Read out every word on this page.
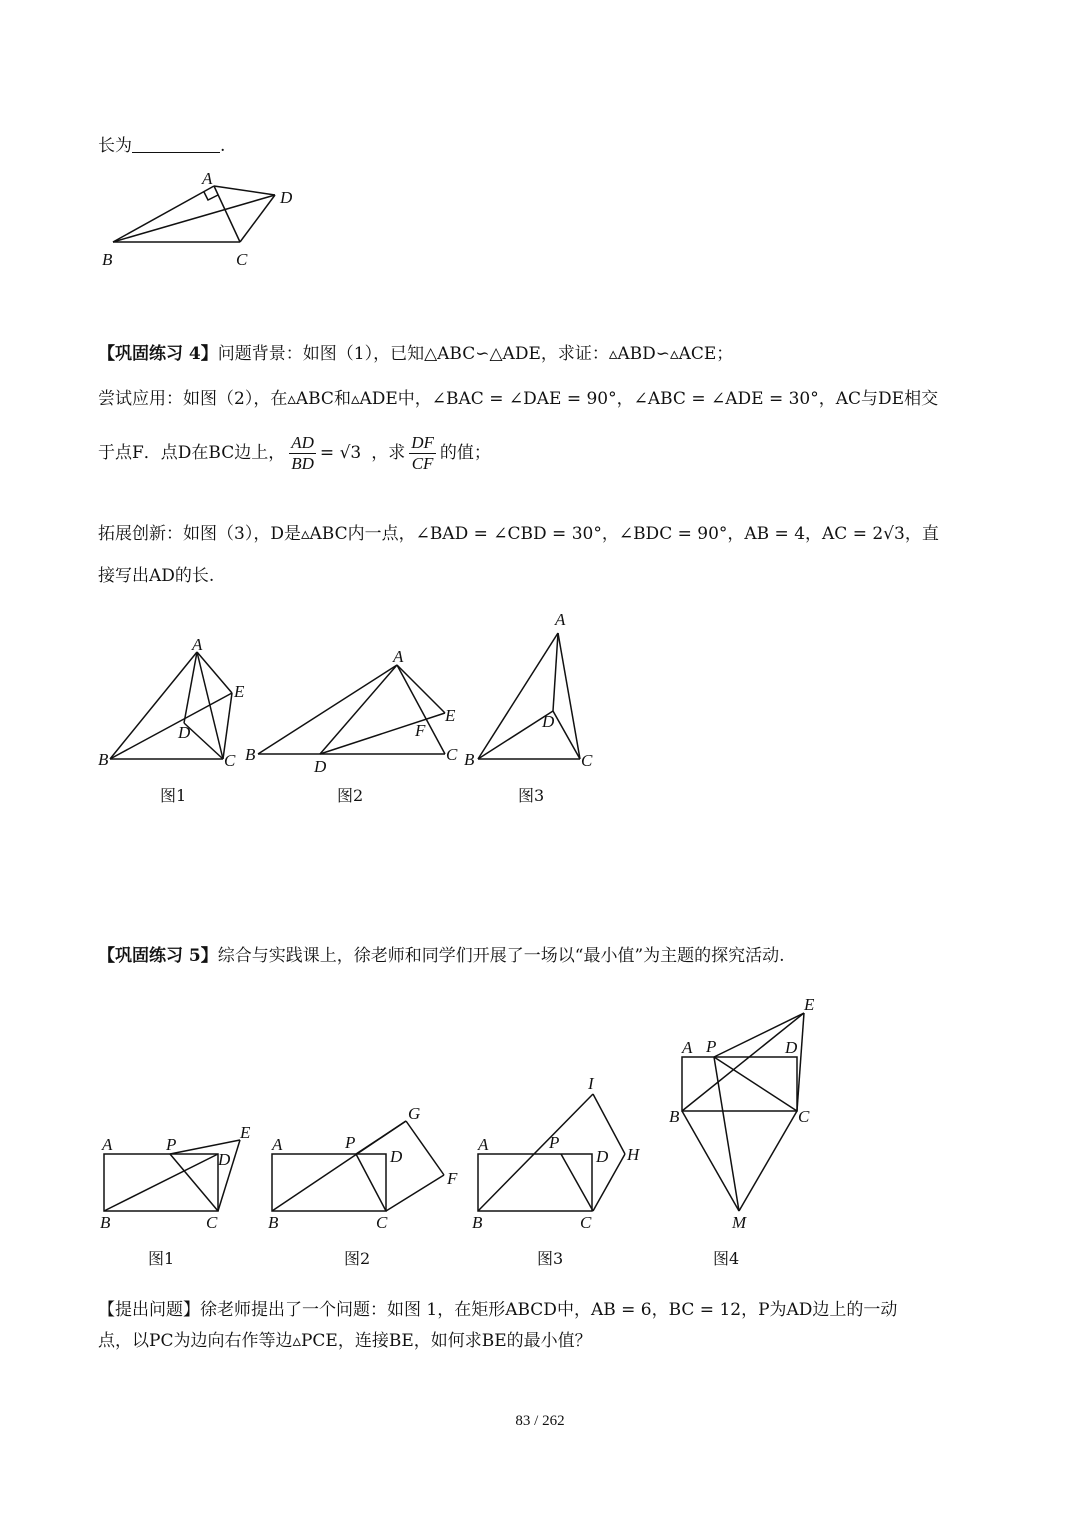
长为	.
A
D
B	C
【巩固练习 4】问题背景：如图（1），已知△ABC∽△ADE，求证：▵ABD∽▵ACE；
尝试应用：如图（2），在▵ABC和▵ADE中，∠BAC = ∠DAE = 90°，∠ABC = ∠ADE = 30°，AC与DE相交
于点F．点D在BC边上， $\frac{AD}{BD} = √3$ ，求 $\frac{DF}{CF}$ 的值；
拓展创新：如图（3），D是▵ABC内一点，∠BAD = ∠CBD = 30°，∠BDC = 90°，AB = 4，AC = 2√3，直
接写出AD的长.
A
E
D
B	C
图1
A
E
F
B	C
D
图2
A
D
B	C
图3
【巩固练习 5】综合与实践课上，徐老师和同学们开展了一场以“最小值”为主题的探究活动.
A	P
E
D
B	C
图1
A	P
G
D
F
B	C
图2
A	P
I
D H
B	C
图3
A P
E
D
B	C
M
图4
【提出问题】徐老师提出了一个问题：如图 1，在矩形ABCD中，AB = 6，BC = 12，P为AD边上的一动
点，以PC为边向右作等边▵PCE，连接BE，如何求BE的最小值？
83 / 262
